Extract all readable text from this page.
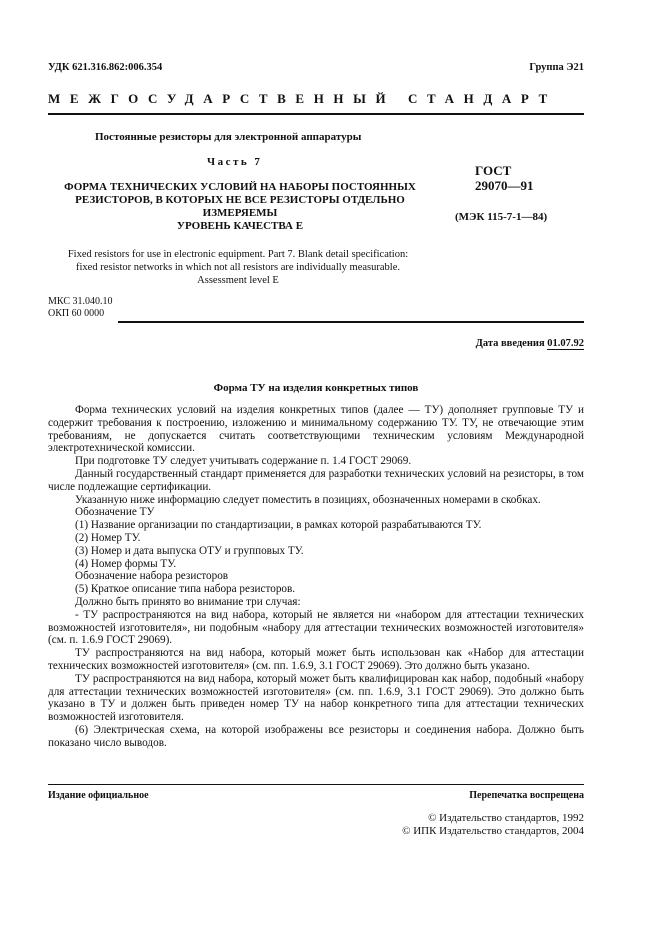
УДК 621.316.862:006.354	Группа Э21
МЕЖГОСУДАРСТВЕННЫЙ СТАНДАРТ
Постоянные резисторы для электронной аппаратуры
Часть 7
ФОРМА ТЕХНИЧЕСКИХ УСЛОВИЙ НА НАБОРЫ ПОСТОЯННЫХ
РЕЗИСТОРОВ, В КОТОРЫХ НЕ ВСЕ РЕЗИСТОРЫ ОТДЕЛЬНО
ИЗМЕРЯЕМЫ
УРОВЕНЬ КАЧЕСТВА Е
ГОСТ
29070—91
(МЭК 115-7-1—84)
Fixed resistors for use in electronic equipment. Part 7. Blank detail specification:
fixed resistor networks in which not all resistors are individually measurable.
Assessment level E
МКС 31.040.10
ОКП 60 0000
Дата введения 01.07.92
Форма ТУ на изделия конкретных типов

Форма технических условий на изделия конкретных типов (далее — ТУ) дополняет групповые ТУ и содержит требования к построению, изложению и минимальному содержанию ТУ. ТУ, не отвечающие этим требованиям, не допускается считать соответствующими техническим условиям Международной электротехнической комиссии.

При подготовке ТУ следует учитывать содержание п. 1.4 ГОСТ 29069.

Данный государственный стандарт применяется для разработки технических условий на резисторы, в том числе подлежащие сертификации.

Указанную ниже информацию следует поместить в позициях, обозначенных номерами в скобках.

Обозначение ТУ

(1) Название организации по стандартизации, в рамках которой разрабатываются ТУ.

(2) Номер ТУ.

(3) Номер и дата выпуска ОТУ и групповых ТУ.

(4) Номер формы ТУ.

Обозначение набора резисторов

(5) Краткое описание типа набора резисторов.

Должно быть принято во внимание три случая:

- ТУ распространяются на вид набора, который не является ни «набором для аттестации технических возможностей изготовителя», ни подобным «набору для аттестации технических возможностей изготовителя» (см. п. 1.6.9 ГОСТ 29069).

ТУ распространяются на вид набора, который может быть использован как «Набор для аттестации технических возможностей изготовителя» (см. пп. 1.6.9, 3.1 ГОСТ 29069). Это должно быть указано.

ТУ распространяются на вид набора, который может быть квалифицирован как набор, подобный «набору для аттестации технических возможностей изготовителя» (см. пп. 1.6.9, 3.1 ГОСТ 29069). Это должно быть указано в ТУ и должен быть приведен номер ТУ на набор конкретного типа для аттестации технических возможностей изготовителя.

(6) Электрическая схема, на которой изображены все резисторы и соединения набора. Должно быть показано число выводов.

Издание официальное	Перепечатка воспрещена
© Издательство стандартов, 1992
© ИПК Издательство стандартов, 2004
